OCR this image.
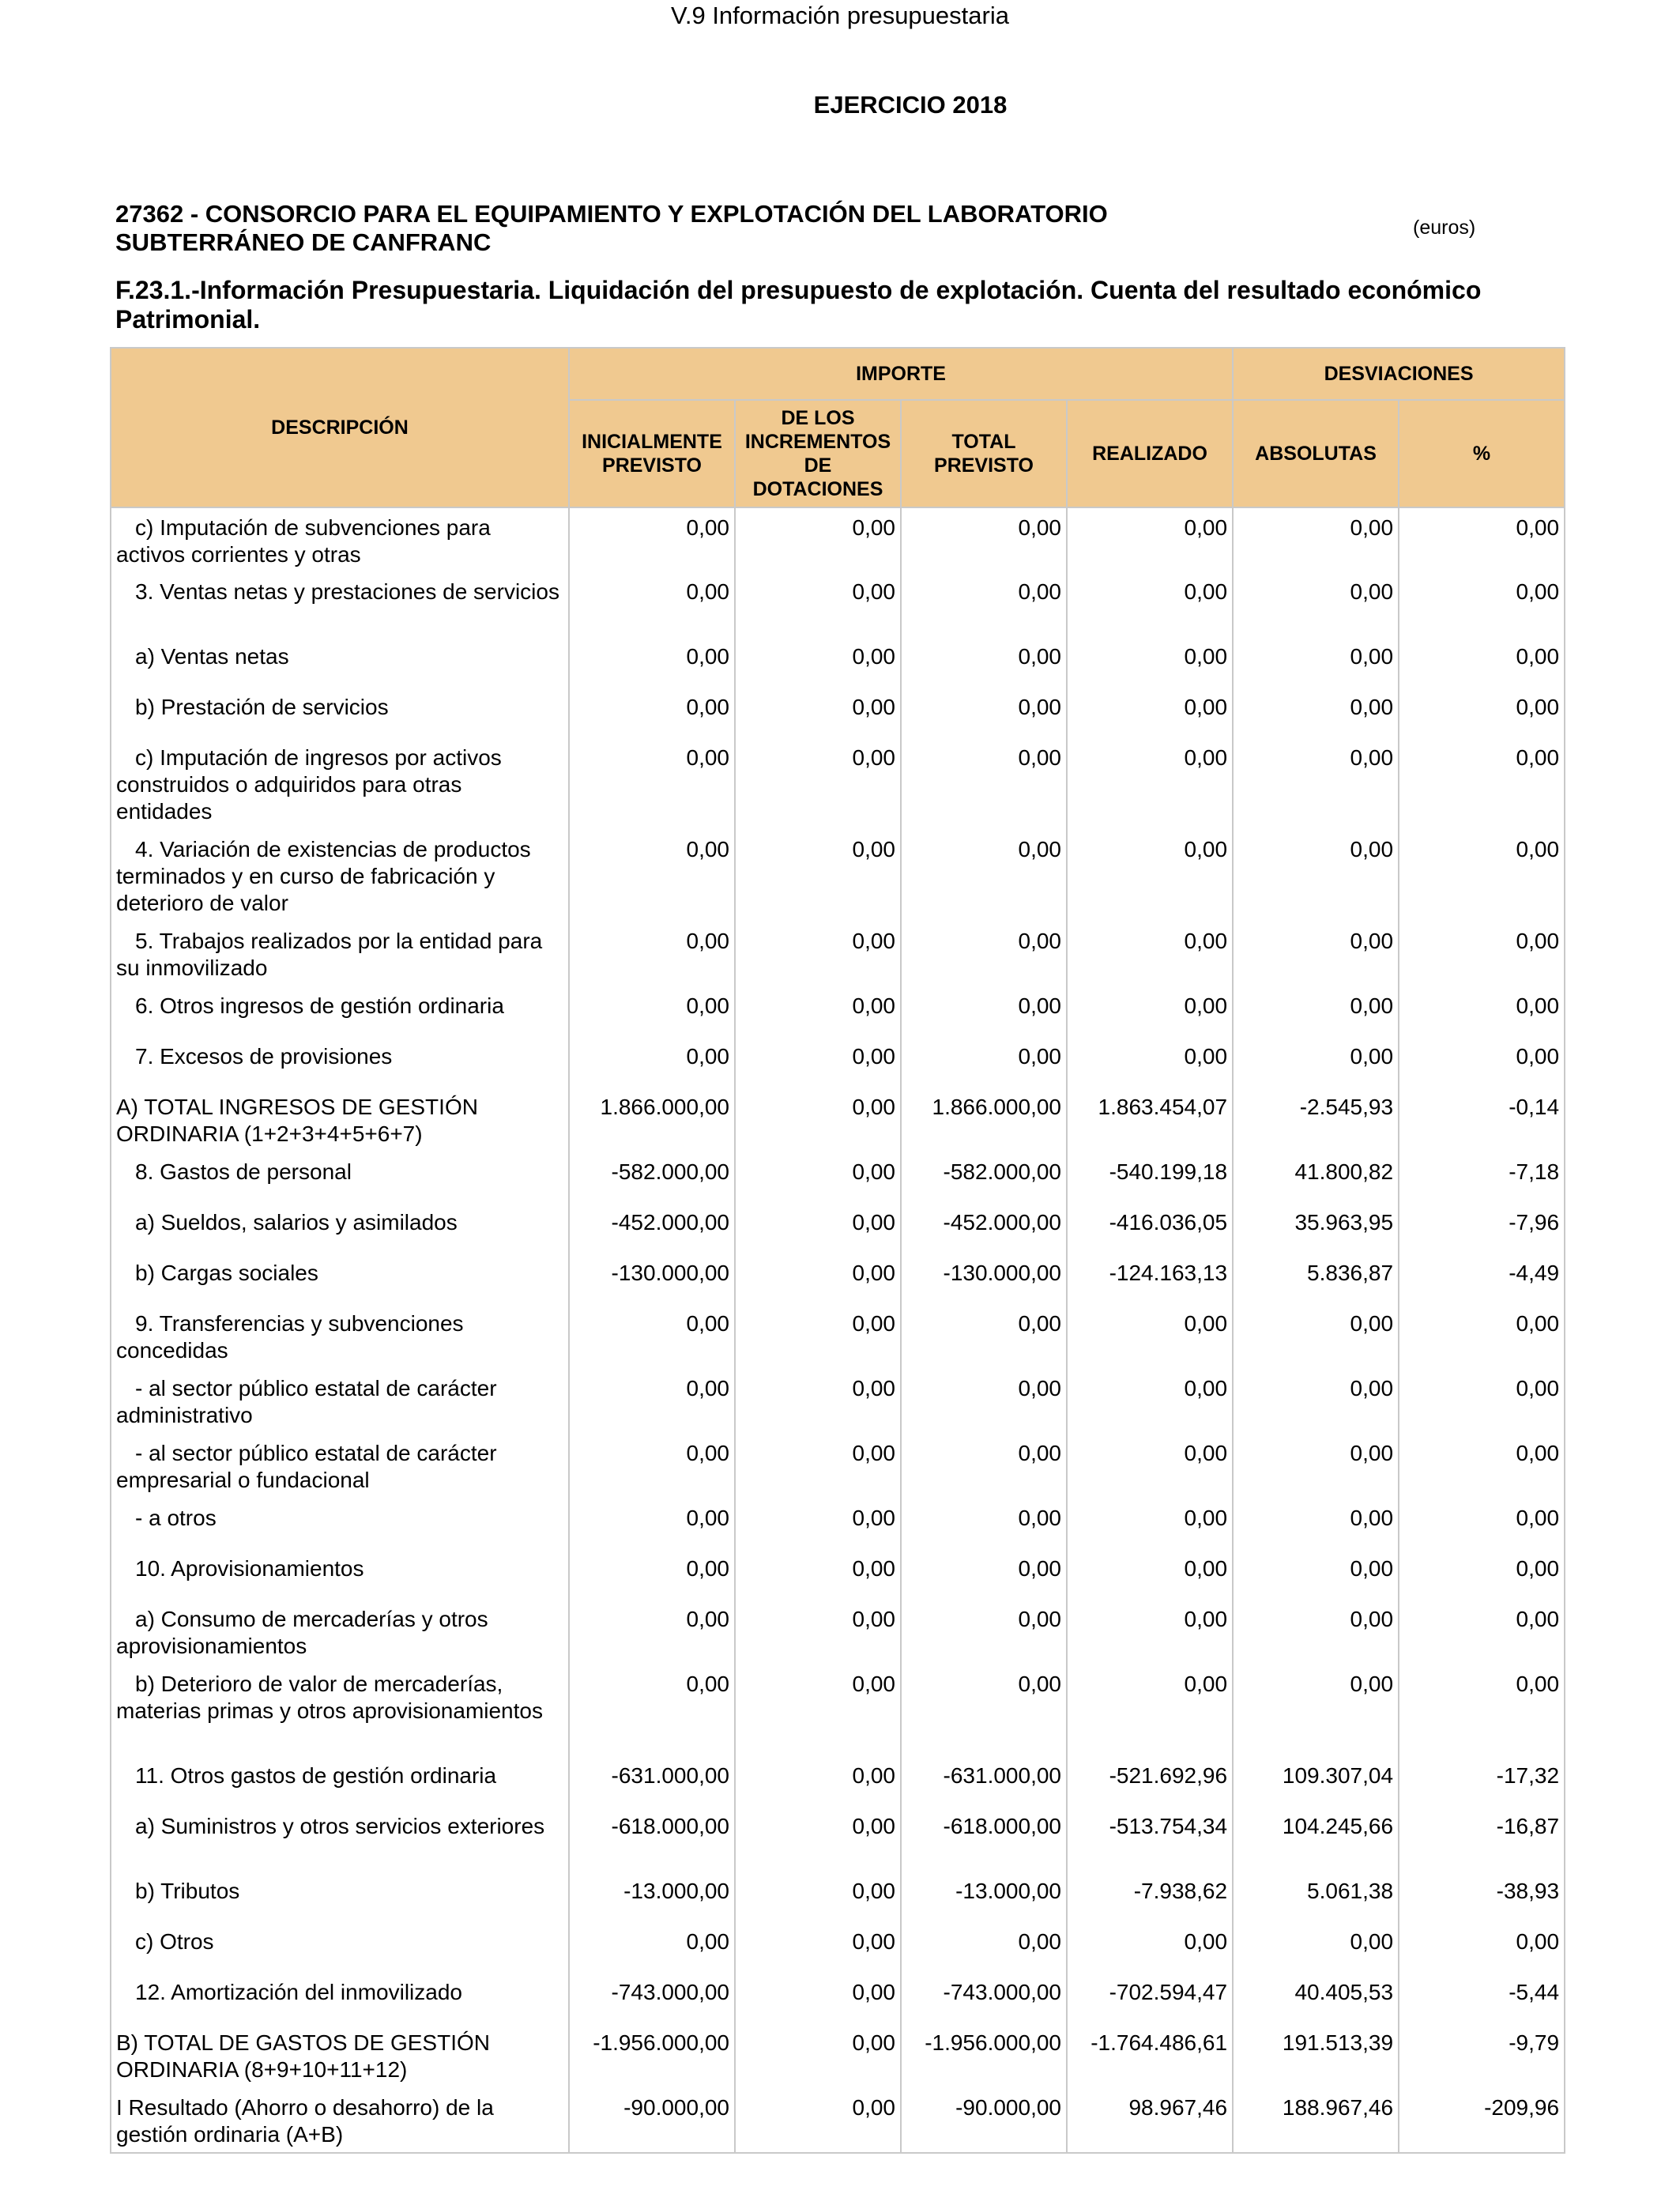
V.9 Información presupuestaria
EJERCICIO 2018
27362 - CONSORCIO PARA EL EQUIPAMIENTO Y EXPLOTACIÓN DEL LABORATORIO SUBTERRÁNEO DE CANFRANC
(euros)
F.23.1.-Información Presupuestaria. Liquidación del presupuesto de explotación. Cuenta del resultado económico Patrimonial.
DESCRIPCIÓN	IMPORTE				DESVIACIONES	
	INICIALMENTE PREVISTO	DE LOS INCREMENTOS DE DOTACIONES	TOTAL PREVISTO	REALIZADO	ABSOLUTAS	%
c) Imputación de subvenciones para activos corrientes y otras	0,00	0,00	0,00	0,00	0,00	0,00
3. Ventas netas y prestaciones de servicios	0,00	0,00	0,00	0,00	0,00	0,00
a) Ventas netas	0,00	0,00	0,00	0,00	0,00	0,00
b) Prestación de servicios	0,00	0,00	0,00	0,00	0,00	0,00
c) Imputación de ingresos por activos construidos o adquiridos para otras entidades	0,00	0,00	0,00	0,00	0,00	0,00
4. Variación de existencias de productos terminados y en curso de fabricación y deterioro de valor	0,00	0,00	0,00	0,00	0,00	0,00
5. Trabajos realizados por la entidad para su inmovilizado	0,00	0,00	0,00	0,00	0,00	0,00
6. Otros ingresos de gestión ordinaria	0,00	0,00	0,00	0,00	0,00	0,00
7. Excesos de provisiones	0,00	0,00	0,00	0,00	0,00	0,00
A) TOTAL INGRESOS DE GESTIÓN ORDINARIA (1+2+3+4+5+6+7)	1.866.000,00	0,00	1.866.000,00	1.863.454,07	-2.545,93	-0,14
8. Gastos de personal	-582.000,00	0,00	-582.000,00	-540.199,18	41.800,82	-7,18
a) Sueldos, salarios y asimilados	-452.000,00	0,00	-452.000,00	-416.036,05	35.963,95	-7,96
b) Cargas sociales	-130.000,00	0,00	-130.000,00	-124.163,13	5.836,87	-4,49
9. Transferencias y subvenciones concedidas	0,00	0,00	0,00	0,00	0,00	0,00
- al sector público estatal de carácter administrativo	0,00	0,00	0,00	0,00	0,00	0,00
- al sector público estatal de carácter empresarial o fundacional	0,00	0,00	0,00	0,00	0,00	0,00
- a otros	0,00	0,00	0,00	0,00	0,00	0,00
10. Aprovisionamientos	0,00	0,00	0,00	0,00	0,00	0,00
a) Consumo de mercaderías y otros aprovisionamientos	0,00	0,00	0,00	0,00	0,00	0,00
b) Deterioro de valor de mercaderías, materias primas y otros aprovisionamientos	0,00	0,00	0,00	0,00	0,00	0,00
11. Otros gastos de gestión ordinaria	-631.000,00	0,00	-631.000,00	-521.692,96	109.307,04	-17,32
a) Suministros y otros servicios exteriores	-618.000,00	0,00	-618.000,00	-513.754,34	104.245,66	-16,87
b) Tributos	-13.000,00	0,00	-13.000,00	-7.938,62	5.061,38	-38,93
c) Otros	0,00	0,00	0,00	0,00	0,00	0,00
12. Amortización del inmovilizado	-743.000,00	0,00	-743.000,00	-702.594,47	40.405,53	-5,44
B) TOTAL DE GASTOS DE GESTIÓN ORDINARIA (8+9+10+11+12)	-1.956.000,00	0,00	-1.956.000,00	-1.764.486,61	191.513,39	-9,79
I Resultado (Ahorro o desahorro) de la gestión ordinaria (A+B)	-90.000,00	0,00	-90.000,00	98.967,46	188.967,46	-209,96
